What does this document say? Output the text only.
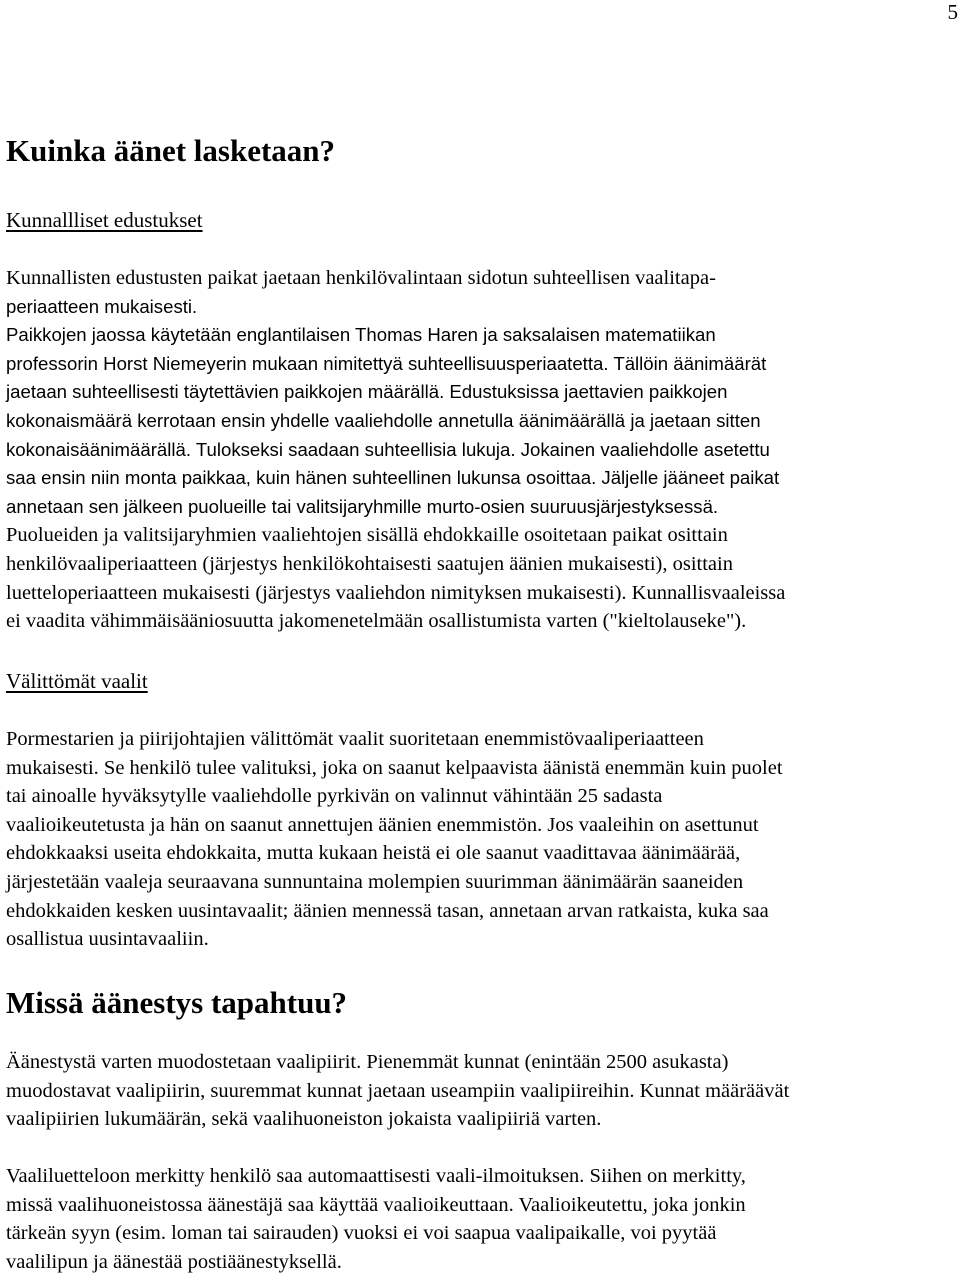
5
Kuinka äänet lasketaan?
Kunnallliset edustukset
Kunnallisten edustusten paikat jaetaan henkilövalintaan sidotun suhteellisen vaalitapa-
periaatteen mukaisesti.
Paikkojen jaossa käytetään englantilaisen Thomas Haren ja saksalaisen matematiikan
professorin Horst Niemeyerin mukaan nimitettyä suhteellisuusperiaatetta. Tällöin äänimäärät
jaetaan suhteellisesti täytettävien paikkojen määrällä. Edustuksissa jaettavien paikkojen
kokonaismäärä kerrotaan ensin yhdelle vaaliehdolle annetulla äänimäärällä ja jaetaan sitten
kokonaisäänimäärällä. Tulokseksi saadaan suhteellisia lukuja. Jokainen vaaliehdolle asetettu
saa ensin niin monta paikkaa, kuin hänen suhteellinen lukunsa osoittaa. Jäljelle jääneet paikat
annetaan sen jälkeen puolueille tai valitsijaryhmille murto-osien suuruusjärjestyksessä.
Puolueiden ja valitsijaryhmien vaaliehtojen sisällä ehdokkaille osoitetaan paikat osittain
henkilövaaliperiaatteen (järjestys henkilökohtaisesti saatujen äänien mukaisesti), osittain
luetteloperiaatteen mukaisesti (järjestys vaaliehdon nimityksen mukaisesti). Kunnallisvaaleissa
ei vaadita vähimmäisääniosuutta jakomenetelmään osallistumista varten ("kieltolauseke").
Välittömät vaalit
Pormestarien ja piirijohtajien välittömät vaalit suoritetaan enemmistövaaliperiaatteen
mukaisesti. Se henkilö tulee valituksi, joka on saanut kelpaavista äänistä enemmän kuin puolet
tai ainoalle hyväksytylle vaaliehdolle pyrkivän on valinnut vähintään 25 sadasta
vaalioikeutetusta ja hän on saanut annettujen äänien enemmistön. Jos vaaleihin on asettunut
ehdokkaaksi useita ehdokkaita, mutta kukaan heistä ei ole saanut vaadittavaa äänimäärää,
järjestetään vaaleja seuraavana sunnuntaina molempien suurimman äänimäärän saaneiden
ehdokkaiden kesken uusintavaalit; äänien mennessä tasan, annetaan arvan ratkaista, kuka saa
osallistua uusintavaaliin.
Missä äänestys tapahtuu?
Äänestystä varten muodostetaan vaalipiirit. Pienemmät kunnat (enintään 2500 asukasta)
muodostavat vaalipiirin, suuremmat kunnat jaetaan useampiin vaalipiireihin. Kunnat määräävät
vaalipiirien lukumäärän, sekä vaalihuoneiston jokaista vaalipiiriä varten.
Vaaliluetteloon merkitty henkilö saa automaattisesti vaali-ilmoituksen. Siihen on merkitty,
missä vaalihuoneistossa äänestäjä saa käyttää vaalioikeuttaan. Vaalioikeutettu, joka jonkin
tärkeän syyn (esim. loman tai sairauden) vuoksi ei voi saapua vaalipaikalle, voi pyytää
vaalilipun ja äänestää postiäänestyksellä.
